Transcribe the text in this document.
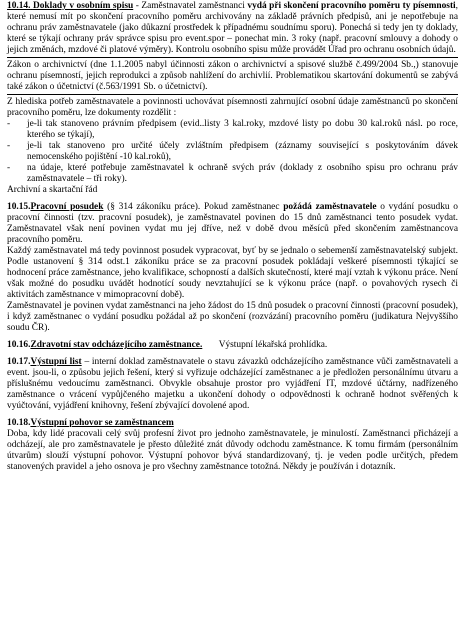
10.14. Doklady v osobním spisu - Zaměstnavatel zaměstnanci vydá při skončení pracovního poměru ty písemnosti, které nemusí mít po skončení pracovního poměru archivovány na základě právních předpisů, ani je nepotřebuje na ochranu práv zaměstnavatele (jako důkazní prostředek k případnému soudnímu sporu). Ponechá si tedy jen ty doklady, které se týkají ochrany práv správce spisu pro event.spor – ponechat min. 3 roky (např. pracovní smlouvy a dohody o jejich změnách, mzdové či platové výměry). Kontrolu osobního spisu může provádět Úřad pro ochranu osobních údajů.

Zákon o archivnictví (dne 1.1.2005 nabyl účinnosti zákon o archivnictví a spisové službě č.499/2004 Sb.,) stanovuje ochranu písemností, jejich reprodukci a způsob nahlížení do archivlií. Problematikou skartování dokumentů se zabývá také zákon o účetnictví (č.563/1991 Sb. o účetnictví).

Z hlediska potřeb zaměstnavatele a povinnosti uchovávat písemnosti zahrnující osobní údaje zaměstnanců po skončení pracovního poměru, lze dokumenty rozdělit :

-	je-li tak stanoveno právním předpisem (evid..listy 3 kal.roky, mzdové listy po dobu 30 kal.roků násl. po roce, kterého se týkají),
-	je-li tak stanoveno pro určité účely zvláštním předpisem (záznamy související s poskytováním dávek nemocenského pojištění -10 kal.roků),
-	na údaje, které potřebuje zaměstnavatel k ochraně svých práv (doklady z osobního spisu pro ochranu práv zaměstnavatele – tři roky).

Archivní a skartační řád

10.15.Pracovní posudek (§ 314 zákoníku práce). Pokud zaměstnanec požádá zaměstnavatele o vydání posudku o pracovní činnosti (tzv. pracovní posudek), je zaměstnavatel povinen do 15 dnů zaměstnanci tento posudek vydat. Zaměstnavatel však není povinen vydat mu jej dříve, než v době dvou měsíců před skončením zaměstnancova pracovního poměru.

Každý zaměstnavatel má tedy povinnost posudek vypracovat, byť by se jednalo o sebemenší zaměstnavatelský subjekt. Podle ustanovení § 314 odst.1 zákoníku práce se za pracovní posudek pokládají veškeré písemnosti týkající se hodnocení práce zaměstnance, jeho kvalifikace, schopností a dalších skutečností, které mají vztah k výkonu práce. Není však možné do posudku uvádět hodnotící soudy nevztahující se k výkonu práce (např. o povahových rysech či aktivitách zaměstnance v mimopracovní době).

Zaměstnavatel je povinen vydat zaměstnanci na jeho žádost do 15 dnů posudek o pracovní činnosti (pracovní posudek), i když zaměstnanec o vydání posudku požádal až po skončení (rozvázání) pracovního poměru (judikatura Nejvyššího soudu ČR).

10.16.Zdravotní stav odcházejícího zaměstnance. Výstupní lékařská prohlídka.

10.17.Výstupní list – interní doklad zaměstnavatele o stavu závazků odcházejícího zaměstnance vůči zaměstnavateli a event. jsou-li, o způsobu jejich řešení, který si vyřizuje odcházející zaměstnanec a je předložen personálnímu útvaru a příslušnému vedoucímu zaměstnanci. Obvykle obsahuje prostor pro vyjádření IT, mzdové účtárny, nadřízeného zaměstnance o vrácení vypůjčeného majetku a ukončení dohody o odpovědnosti k ochraně hodnot svěřených k vyúčtování, vyjádření knihovny, řešení zbývající dovolené apod.

10.18.Výstupní pohovor se zaměstnancem

Doba, kdy lidé pracovali celý svůj profesní život pro jednoho zaměstnavatele, je minulostí. Zaměstnanci přicházejí a odcházejí, ale pro zaměstnavatele je přesto důležité znát důvody odchodu zaměstnance. K tomu firmám (personálním útvarům) slouží výstupní pohovor. Výstupní pohovor bývá standardizovaný, tj. je veden podle určitých, předem stanovených pravidel a jeho osnova je pro všechny zaměstnance totožná. Někdy je používán i dotazník.
